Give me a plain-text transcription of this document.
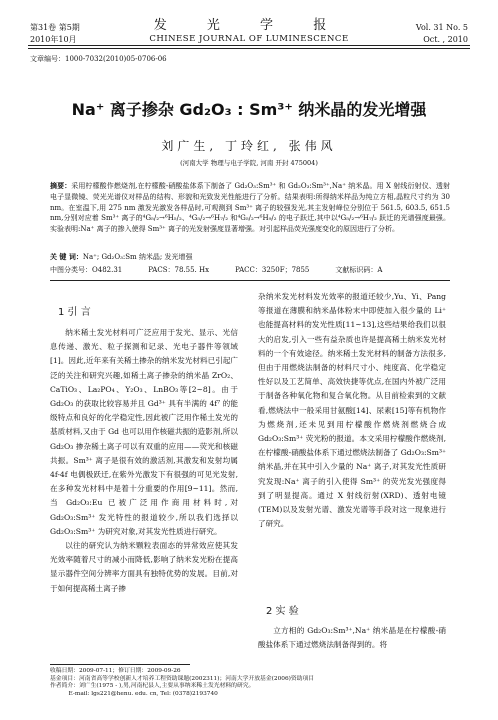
第31卷 第5期
2010年10月
发 光 学 报
CHINESE JOURNAL OF LUMINESCENCE
Vol. 31 No. 5
Oct. , 2010
文章编号：1000-7032(2010)05-0706-06
Na⁺ 离子掺杂 Gd₂O₃ : Sm³⁺ 纳米晶的发光增强
刘广生, 丁玲红, 张伟风
(河南大学 物理与电子学院, 河南 开封 475004)
摘要：采用柠檬酸作燃烧剂,在柠檬酸-硝酸盐体系下制备了 Gd₂O₃:Sm³⁺ 和 Gd₂O₃:Sm³⁺,Na⁺ 纳米晶。用 X 射线衍射仪、透射电子显微镜、荧光光谱仪对样品的结构、形貌和光致发光性能进行了分析。结果表明:所得纳米样品为纯立方相,晶粒尺寸约为 30 nm。在室温下,用 275 nm 激发光激发各样品时,可观测到 Sm³⁺ 离子的较强发光,其主发射峰位分别位于 561.5, 603.5, 651.5 nm,分别对应着 Sm³⁺ 离子的⁴G₅/₂→⁶H₅/₂、⁴G₅/₂→⁶H₇/₂ 和⁴G₅/₂→⁶H₉/₂ 的电子跃迁,其中以⁴G₅/₂→⁶H₇/₂ 跃迁的光谱强度最强。实验表明:Na⁺ 离子的掺入使得 Sm³⁺ 离子的光发射强度显著增强。对引起样品荧光强度变化的原因进行了分析。
关 键 词：Na⁺; Gd₂O₃:Sm 纳米晶; 发光增强
中图分类号：O482.31	PACS：78.55. Hx	PACC：3250F；7855	文献标识码：A
1 引 言

纳米稀土发光材料可广泛应用于发光、显示、光信息传递、激光、粒子探测和记录、光电子器件等领域[1]。因此,近年来有关稀土掺杂的纳米发光材料已引起广泛的关注和研究兴趣,如稀土离子掺杂的纳米晶 ZrO₂、CaTiO₃、La₂PO₄、Y₂O₃、LnBO₃等[2~8]。由于 Gd₂O₃ 的获取比较容易并且 Gd³⁺ 具有半满的 4f⁷ 的能级特点和良好的化学稳定性,因此被广泛用作稀土发光的基质材料,又由于 Gd 也可以用作核磁共振的造影剂,所以 Gd₂O₃ 掺杂稀土离子可以有双重的应用——荧光和核磁共振。Sm³⁺ 离子是很有效的激活剂,其激发和发射均属 4f-4f 电偶极跃迁,在紫外光激发下有很强的可见光发射,在多种发光材料中是着十分重要的作用[9~11]。然而,当 Gd₂O₃:Eu 已被广泛用作商用材料时,对 Gd₂O₃:Sm³⁺ 发光特性的报道较少,所以我们选择以 Gd₂O₃:Sm³⁺ 为研究对象,对其发光性质进行研究。

以往的研究认为纳米颗粒表面态的异常效应使其发光效率随着尺寸的减小而降低,影响了纳米发光粉在提高显示器件空间分辨率方面具有独特优势的发展。目前,对于如何提高稀土离子掺

杂纳米发光材料发光效率的报道还较少,Yu、Yi、Pang 等报道在薄膜和纳米晶体粉末中即使加入很少量的 Li⁺ 也能提高材料的发光性质[11~13],这些结果给我们以很大的启发,引入一些有益杂质也许是提高稀土纳米发光材料的一个有效途径。纳米稀土发光材料的制备方法很多,但由于用燃烧法制备的材料尺寸小、纯度高、化学稳定性好以及工艺简单、高效快捷等优点,在国内外被广泛用于制备各种氧化物和复合氧化物。从目前检索到的文献看,燃烧法中一般采用甘氨酸[14]、尿素[15]等有机物作为燃烧剂,还未见到用柠檬酸作燃烧剂燃烧合成 Gd₂O₃:Sm³⁺ 荧光粉的报道。本文采用柠檬酸作燃烧剂,在柠檬酸-硝酸盐体系下通过燃烧法制备了 Gd₂O₃:Sm³⁺ 纳米晶,并在其中引入少量的 Na⁺ 离子,对其发光性质研究发现:Na⁺ 离子的引入使得 Sm³⁺ 的荧光发光强度得到了明显提高。通过 X 射线衍射(XRD)、透射电镜(TEM)以及发射光谱、激发光谱等手段对这一现象进行了研究。

2 实 验

立方相的 Gd₂O₃:Sm³⁺,Na⁺ 纳米晶是在柠檬酸-硝酸盐体系下通过燃烧法制备得到的。将

收稿日期：2009-07-11；修订日期：2009-09-26
基金项目：河南省高等学校创新人才培养工程资助课题(2002311)；河南大学开放基金(2006)资助项目
作者简介：刘广生(1975 - ),男,河南杞县人,主要从事纳米稀土发光材料的研究。
E-mail: lgs221@henu. edu. cn, Tel: (0378)2193740
